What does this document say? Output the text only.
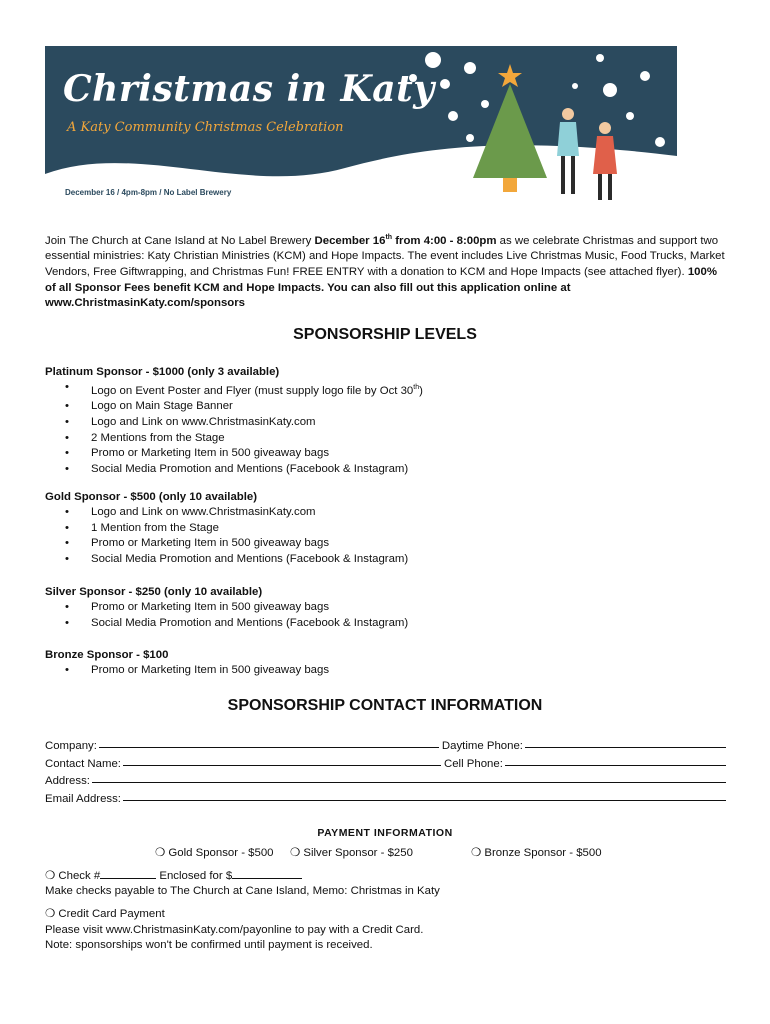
Christmas in Katy
A Katy Community Christmas Celebration
December 16 / 4pm-8pm / No Label Brewery
Join The Church at Cane Island at No Label Brewery December 16th from 4:00 - 8:00pm as we celebrate Christmas and support two essential ministries: Katy Christian Ministries (KCM) and Hope Impacts. The event includes Live Christmas Music, Food Trucks, Market Vendors, Free Giftwrapping, and Christmas Fun! FREE ENTRY with a donation to KCM and Hope Impacts (see attached flyer). 100% of all Sponsor Fees benefit KCM and Hope Impacts. You can also fill out this application online at www.ChristmasinKaty.com/sponsors
SPONSORSHIP LEVELS
Platinum Sponsor - $1000 (only 3 available)
• Logo on Event Poster and Flyer (must supply logo file by Oct 30th)
• Logo on Main Stage Banner
• Logo and Link on www.ChristmasinKaty.com
• 2 Mentions from the Stage
• Promo or Marketing Item in 500 giveaway bags
• Social Media Promotion and Mentions (Facebook & Instagram)
Gold Sponsor - $500 (only 10 available)
• Logo and Link on www.ChristmasinKaty.com
• 1 Mention from the Stage
• Promo or Marketing Item in 500 giveaway bags
• Social Media Promotion and Mentions (Facebook & Instagram)
Silver Sponsor - $250 (only 10 available)
• Promo or Marketing Item in 500 giveaway bags
• Social Media Promotion and Mentions (Facebook & Instagram)
Bronze Sponsor - $100
• Promo or Marketing Item in 500 giveaway bags
SPONSORSHIP CONTACT INFORMATION
Company:	Daytime Phone:
Contact Name:	Cell Phone:
Address:
Email Address:
PAYMENT INFORMATION
❍ Gold Sponsor - $500 ❍ Silver Sponsor - $250	❍ Bronze Sponsor - $500
❍ Check #	Enclosed for $
Make checks payable to The Church at Cane Island, Memo: Christmas in Katy
❍ Credit Card Payment
Please visit www.ChristmasinKaty.com/payonline to pay with a Credit Card.
Note: sponsorships won't be confirmed until payment is received.
